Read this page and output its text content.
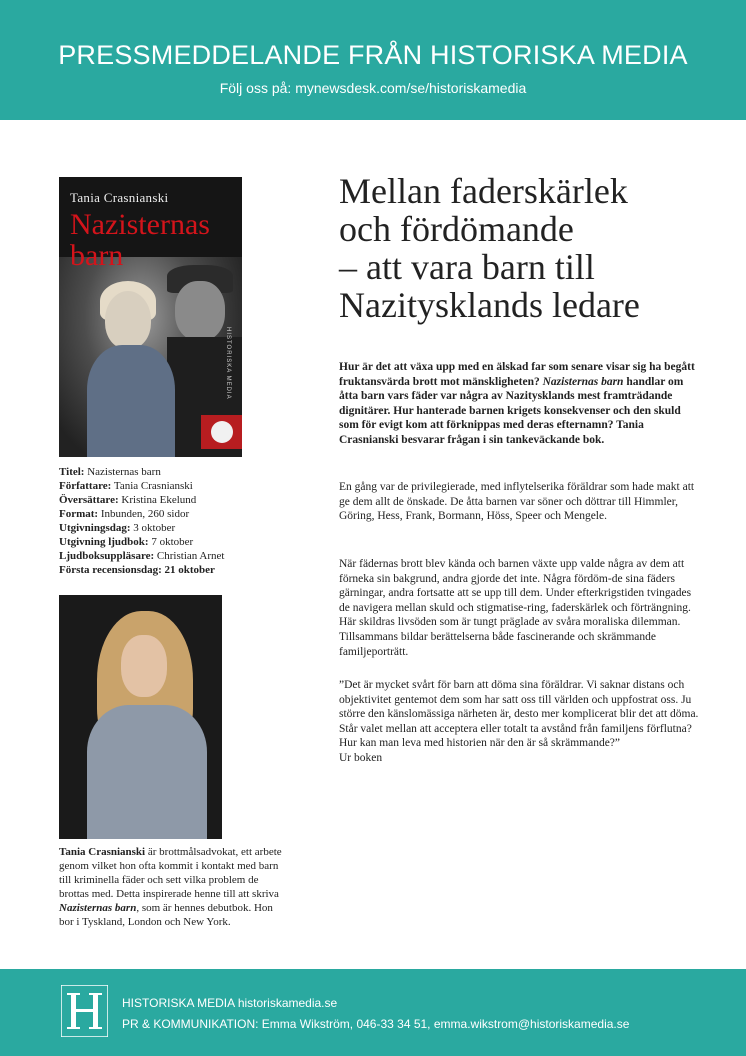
PRESSMEDDELANDE FRÅN HISTORISKA MEDIA
Följ oss på: mynewsdesk.com/se/historiskamedia
Tania Crasnianski
Nazisternas
barn
HISTORISKA MEDIA
Titel: Nazisternas barn
Författare: Tania Crasnianski
Översättare: Kristina Ekelund
Format: Inbunden, 260 sidor
Utgivningsdag: 3 oktober
Utgivning ljudbok: 7 oktober
Ljudboksuppläsare: Christian Arnet
Första recensionsdag: 21 oktober
Tania Crasnianski är brottmålsadvokat, ett arbete genom vilket hon ofta kommit i kontakt med barn till kriminella fäder och sett vilka problem de brottas med. Detta inspirerade henne till att skriva Nazisternas barn, som är hennes debutbok. Hon bor i Tyskland, London och New York.
Mellan faderskärlek
och fördömande
– att vara barn till
Nazitysklands ledare
Hur är det att växa upp med en älskad far som senare visar sig ha begått fruktansvärda brott mot mänskligheten? Nazisternas barn handlar om åtta barn vars fäder var några av Nazitysklands mest framträdande dignitärer. Hur hanterade barnen krigets konsekvenser och den skuld som för evigt kom att förknippas med deras efternamn? Tania Crasnianski besvarar frågan i sin tankeväckande bok.
En gång var de privilegierade, med inflytelserika föräldrar som hade makt att ge dem allt de önskade. De åtta barnen var söner och döttrar till Himmler, Göring, Hess, Frank, Bormann, Höss, Speer och Mengele.
När fädernas brott blev kända och barnen växte upp valde några av dem att förneka sin bakgrund, andra gjorde det inte. Några fördöm-de sina fäders gärningar, andra fortsatte att se upp till dem. Under efterkrigstiden tvingades de navigera mellan skuld och stigmatise-ring, faderskärlek och förträngning. Här skildras livsöden som är tungt präglade av svåra moraliska dilemman. Tillsammans bildar berättelserna både fascinerande och skrämmande familjeporträtt.
”Det är mycket svårt för barn att döma sina föräldrar. Vi saknar distans och objektivitet gentemot dem som har satt oss till världen och uppfostrat oss. Ju större den känslomässiga närheten är, desto mer komplicerat blir det att döma. Står valet mellan att acceptera eller totalt ta avstånd från familjens förflutna? Hur kan man leva med historien när den är så skrämmande?”
Ur boken
HISTORISKA MEDIA historiskamedia.se
PR & KOMMUNIKATION: Emma Wikström, 046-33 34 51, emma.wikstrom@historiskamedia.se
